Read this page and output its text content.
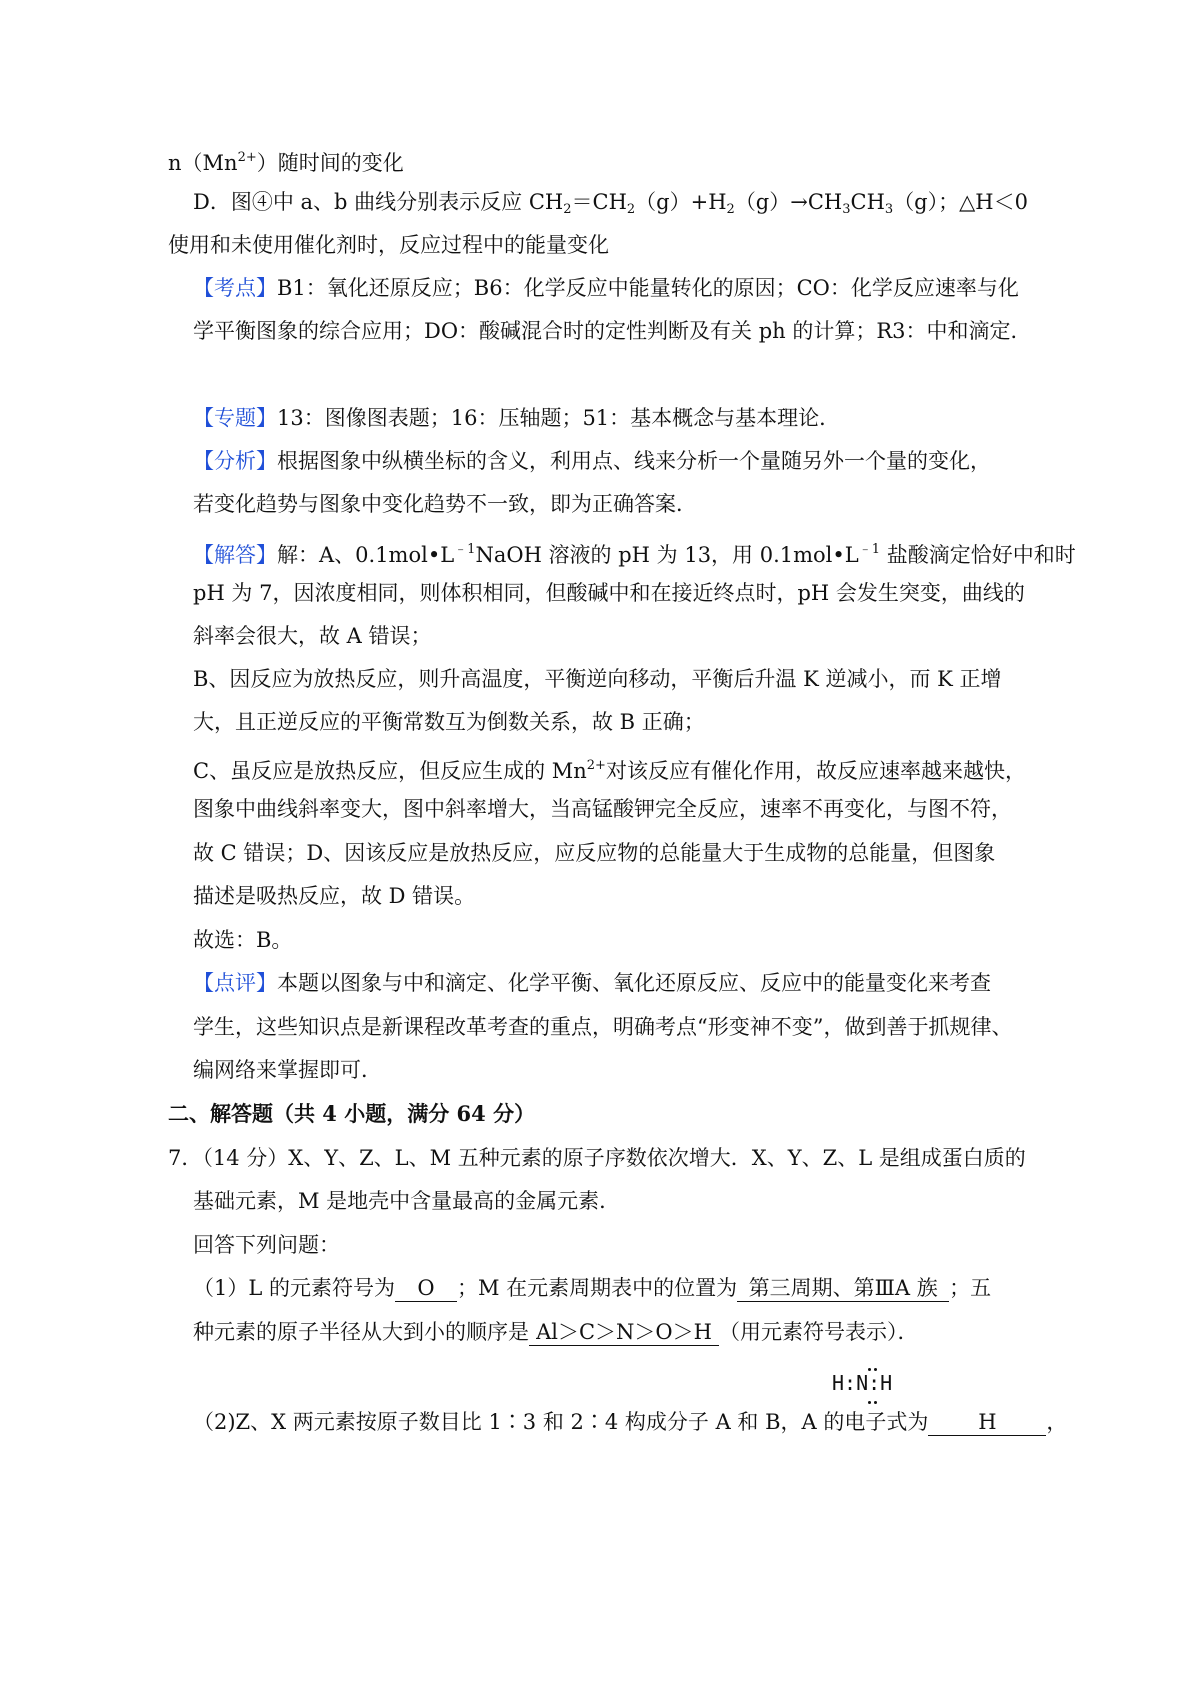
$n(Mn^{2+})$随时间的变化
D．图④中 a、b 曲线分别表示反应 $CH_2=CH_2(g)+H_2(g)\to CH_3CH_3(g)$；△H＜0
使用和未使用催化剂时，反应过程中的能量变化
【考点】B1：氧化还原反应；B6：化学反应中能量转化的原因；CO：化学反应速率与化
学平衡图象的综合应用；DO：酸碱混合时的定性判断及有关 ph 的计算；R3：中和滴定．
【专题】13：图像图表题；16：压轴题；51：基本概念与基本理论．
【分析】根据图象中纵横坐标的含义，利用点、线来分析一个量随另外一个量的变化，
若变化趋势与图象中变化趋势不一致，即为正确答案．
【解答】解：A、$0.1mol•L^{﹣1}NaOH$ 溶液的 pH 为 13，用 $0.1mol•L^{﹣1}$ 盐酸滴定恰好中和时
pH 为 7，因浓度相同，则体积相同，但酸碱中和在接近终点时，pH 会发生突变，曲线的
斜率会很大，故 A 错误；
B、因反应为放热反应，则升高温度，平衡逆向移动，平衡后升温 K 逆减小，而 K 正增
大，且正逆反应的平衡常数互为倒数关系，故 B 正确；
C、虽反应是放热反应，但反应生成的 $Mn^{2+}$对该反应有催化作用，故反应速率越来越快，
图象中曲线斜率变大，图中斜率增大，当高锰酸钾完全反应，速率不再变化，与图不符，
故 C 错误；D、因该反应是放热反应，应反应物的总能量大于生成物的总能量，但图象
描述是吸热反应，故 D 错误。
故选：B。
【点评】本题以图象与中和滴定、化学平衡、氧化还原反应、反应中的能量变化来考查
学生，这些知识点是新课程改革考查的重点，明确考点“形变神不变”，做到善于抓规律、
编网络来掌握即可．
二、解答题（共 4 小题，满分 64 分）
7．（14 分）X、Y、Z、L、M 五种元素的原子序数依次增大．X、Y、Z、L 是组成蛋白质的
基础元素，M 是地壳中含量最高的金属元素．
回答下列问题：
（1）L 的元素符号为 O ；M 在元素周期表中的位置为 第三周期、第ⅢA 族 ；五
种元素的原子半径从大到小的顺序是 Al＞C＞N＞O＞H （用元素符号表示）．
H:N:H
（2)Z、X 两元素按原子数目比 1∶3 和 2∶4 构成分子 A 和 B，A 的电子式为 H ，
